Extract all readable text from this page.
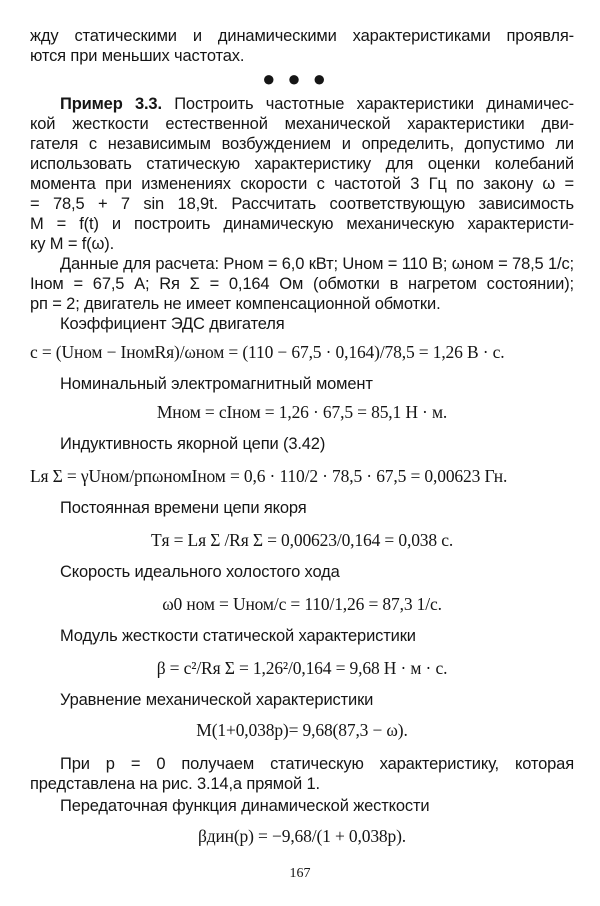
жду статическими и динамическими характеристиками проявля-
ются при меньших частотах.
●●●
Пример 3.3. Построить частотные характеристики динамичес-
кой жесткости естественной механической характеристики дви-
гателя с независимым возбуждением и определить, допустимо ли
использовать статическую характеристику для оценки колебаний
момента при изменениях скорости с частотой 3 Гц по закону ω =
= 78,5 + 7 sin 18,9t. Рассчитать соответствующую зависимость
M = f(t) и построить динамическую механическую характеристи-
ку M = f(ω).
Данные для расчета: Pном = 6,0 кВт; Uном = 110 В; ωном = 78,5 1/с;
Iном = 67,5 А; Rя Σ = 0,164 Ом (обмотки в нагретом состоянии);
pп = 2; двигатель не имеет компенсационной обмотки.
Коэффициент ЭДС двигателя
c = (Uном − IномRя)/ωном = (110 − 67,5 · 0,164)/78,5 = 1,26 В · с.
Номинальный электромагнитный момент
Mном = cIном = 1,26 · 67,5 = 85,1 Н · м.
Индуктивность якорной цепи (3.42)
Lя Σ = γUном/pпωномIном = 0,6 · 110/2 · 78,5 · 67,5 = 0,00623 Гн.
Постоянная времени цепи якоря
Tя = Lя Σ /Rя Σ = 0,00623/0,164 = 0,038 с.
Скорость идеального холостого хода
ω0 ном = Uном/c = 110/1,26 = 87,3 1/с.
Модуль жесткости статической характеристики
β = c²/Rя Σ = 1,26²/0,164 = 9,68 Н · м · с.
Уравнение механической характеристики
M(1+0,038p)= 9,68(87,3 − ω).
При p = 0 получаем статическую характеристику, которая
представлена на рис. 3.14,a прямой 1.
Передаточная функция динамической жесткости
βдин(p) = −9,68/(1 + 0,038p).
167
